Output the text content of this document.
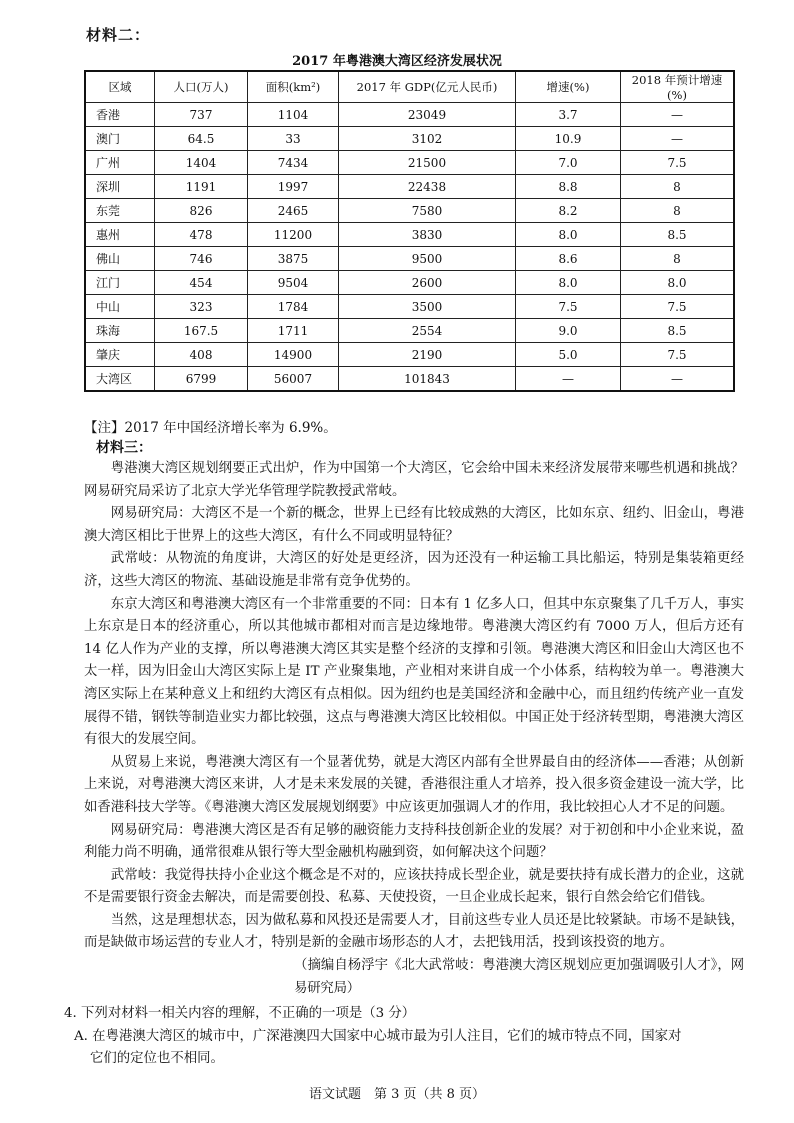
材料二：
2017 年粤港澳大湾区经济发展状况
区域	人口(万人)	面积(km²)	2017 年 GDP(亿元人民币)	增速(%)	2018 年预计增速(%)
香港	737	1104	23049	3.7	—
澳门	64.5	33	3102	10.9	—
广州	1404	7434	21500	7.0	7.5
深圳	1191	1997	22438	8.8	8
东莞	826	2465	7580	8.2	8
惠州	478	11200	3830	8.0	8.5
佛山	746	3875	9500	8.6	8
江门	454	9504	2600	8.0	8.0
中山	323	1784	3500	7.5	7.5
珠海	167.5	1711	2554	9.0	8.5
肇庆	408	14900	2190	5.0	7.5
大湾区	6799	56007	101843	—	—
【注】2017 年中国经济增长率为 6.9%。
材料三：

粤港澳大湾区规划纲要正式出炉，作为中国第一个大湾区，它会给中国未来经济发展带来哪些机遇和挑战？网易研究局采访了北京大学光华管理学院教授武常岐。

网易研究局：大湾区不是一个新的概念，世界上已经有比较成熟的大湾区，比如东京、纽约、旧金山，粤港澳大湾区相比于世界上的这些大湾区，有什么不同或明显特征？

武常岐：从物流的角度讲，大湾区的好处是更经济，因为还没有一种运输工具比船运，特别是集装箱更经济，这些大湾区的物流、基础设施是非常有竞争优势的。

东京大湾区和粤港澳大湾区有一个非常重要的不同：日本有 1 亿多人口，但其中东京聚集了几千万人，事实上东京是日本的经济重心，所以其他城市都相对而言是边缘地带。粤港澳大湾区约有 7000 万人，但后方还有 14 亿人作为产业的支撑，所以粤港澳大湾区其实是整个经济的支撑和引领。粤港澳大湾区和旧金山大湾区也不太一样，因为旧金山大湾区实际上是 IT 产业聚集地，产业相对来讲自成一个小体系，结构较为单一。粤港澳大湾区实际上在某种意义上和纽约大湾区有点相似。因为纽约也是美国经济和金融中心，而且纽约传统产业一直发展得不错，钢铁等制造业实力都比较强，这点与粤港澳大湾区比较相似。中国正处于经济转型期，粤港澳大湾区有很大的发展空间。

从贸易上来说，粤港澳大湾区有一个显著优势，就是大湾区内部有全世界最自由的经济体——香港；从创新上来说，对粤港澳大湾区来讲，人才是未来发展的关键，香港很注重人才培养，投入很多资金建设一流大学，比如香港科技大学等。《粤港澳大湾区发展规划纲要》中应该更加强调人才的作用，我比较担心人才不足的问题。

网易研究局：粤港澳大湾区是否有足够的融资能力支持科技创新企业的发展？对于初创和中小企业来说，盈利能力尚不明确，通常很难从银行等大型金融机构融到资，如何解决这个问题？

武常岐：我觉得扶持小企业这个概念是不对的，应该扶持成长型企业，就是要扶持有成长潜力的企业，这就不是需要银行资金去解决，而是需要创投、私募、天使投资，一旦企业成长起来，银行自然会给它们借钱。

当然，这是理想状态，因为做私募和风投还是需要人才，目前这些专业人员还是比较紧缺。市场不是缺钱，而是缺做市场运营的专业人才，特别是新的金融市场形态的人才，去把钱用活，投到该投资的地方。

（摘编自杨浮宇《北大武常岐：粤港澳大湾区规划应更加强调吸引人才》，网易研究局）

4. 下列对材料一相关内容的理解，不正确的一项是（3 分）

A. 在粤港澳大湾区的城市中，广深港澳四大国家中心城市最为引人注目，它们的城市特点不同，国家对

它们的定位也不相同。

语文试题　第 3 页（共 8 页）
